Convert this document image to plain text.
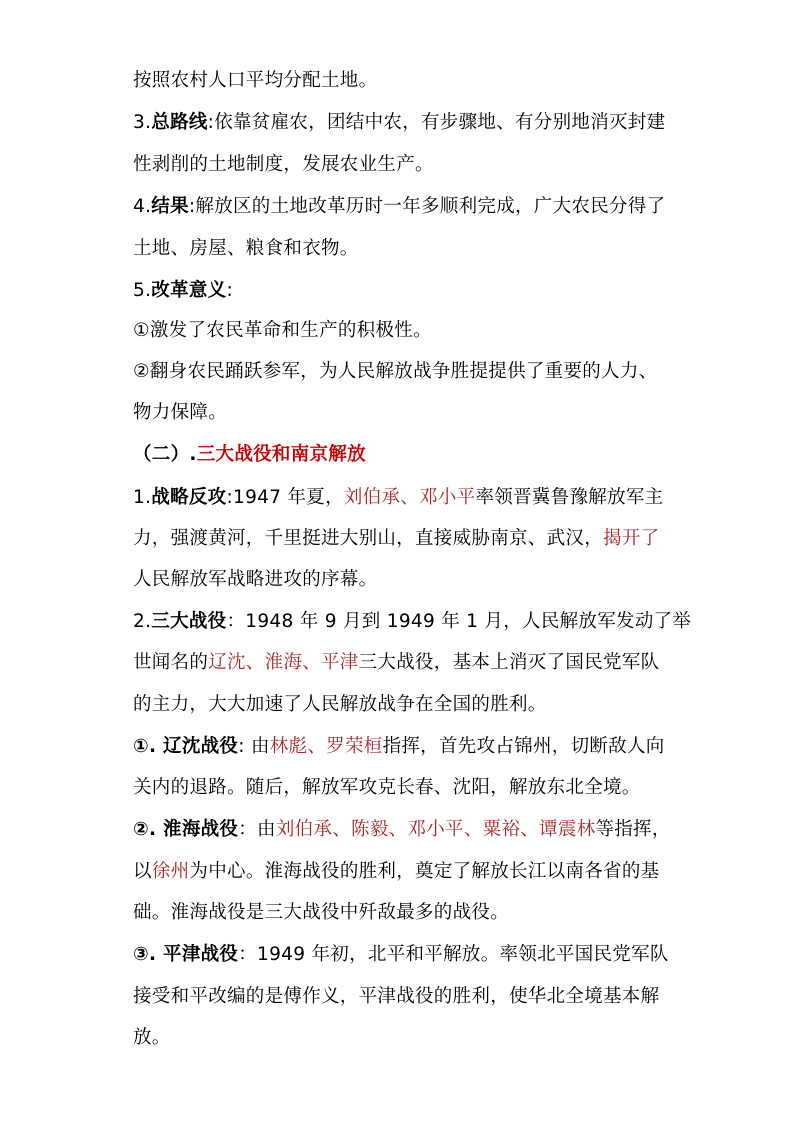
按照农村人口平均分配土地。
3.总路线:依靠贫雇农，团结中农，有步骤地、有分别地消灭封建
性剥削的土地制度，发展农业生产。
4.结果:解放区的土地改革历时一年多顺利完成，广大农民分得了
土地、房屋、粮食和衣物。
5.改革意义:
①激发了农民革命和生产的积极性。
②翻身农民踊跃参军，为人民解放战争胜提提供了重要的人力、
物力保障。
（二）.三大战役和南京解放
1.战略反攻:1947 年夏，刘伯承、邓小平率领晋冀鲁豫解放军主
力，强渡黄河，千里挺进大别山，直接威胁南京、武汉，揭开了
人民解放军战略进攻的序幕。
2.三大战役：1948 年 9 月到 1949 年 1 月，人民解放军发动了举
世闻名的辽沈、淮海、平津三大战役，基本上消灭了国民党军队
的主力，大大加速了人民解放战争在全国的胜利。
①. 辽沈战役: 由林彪、罗荣桓指挥，首先攻占锦州，切断敌人向
关内的退路。随后，解放军攻克长春、沈阳，解放东北全境。
②. 淮海战役：由刘伯承、陈毅、邓小平、粟裕、谭震林等指挥，
以徐州为中心。淮海战役的胜利，奠定了解放长江以南各省的基
础。淮海战役是三大战役中歼敌最多的战役。
③. 平津战役：1949 年初，北平和平解放。率领北平国民党军队
接受和平改编的是傅作义，平津战役的胜利，使华北全境基本解
放。
